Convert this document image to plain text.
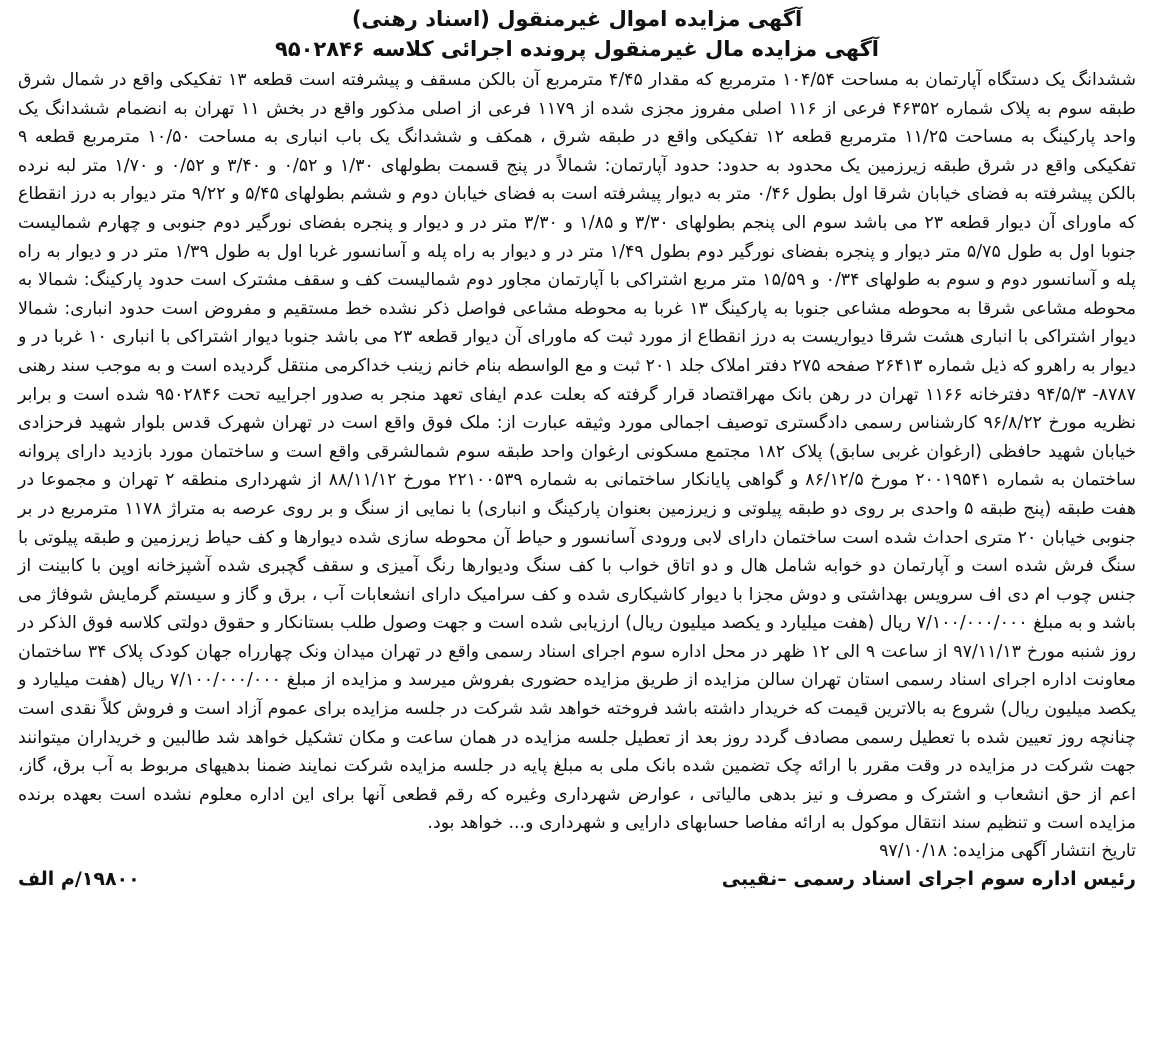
آگهی مزایده اموال غیرمنقول (اسناد رهنی)
آگهی مزایده مال غیرمنقول پرونده اجرائی کلاسه ۹۵۰۲۸۴۶

ششدانگ یک دستگاه آپارتمان به مساحت ۱۰۴/۵۴ مترمربع که مقدار ۴/۴۵ مترمربع آن بالکن مسقف و پیشرفته است قطعه ۱۳ تفکیکی واقع در شمال شرق طبقه سوم به پلاک شماره ۴۶۳۵۲ فرعی از ۱۱۶ اصلی مفروز مجزی شده از ۱۱۷۹ فرعی از اصلی مذکور واقع در بخش ۱۱ تهران به انضمام ششدانگ یک واحد پارکینگ به مساحت ۱۱/۲۵ مترمربع قطعه ۱۲ تفکیکی واقع در طبقه شرق ، همکف و ششدانگ یک باب انباری به مساحت ۱۰/۵۰ مترمربع قطعه ۹ تفکیکی واقع در شرق طبقه زیرزمین یک محدود به حدود: حدود آپارتمان: شمالاً در پنج قسمت بطولهای ۱/۳۰ و ۰/۵۲ و ۳/۴۰ و ۰/۵۲ و ۱/۷۰ متر لبه نرده بالکن پیشرفته به فضای خیابان شرقا اول بطول ۰/۴۶ متر به دیوار پیشرفته است به فضای خیابان دوم و ششم بطولهای ۵/۴۵ و ۹/۲۲ متر دیوار به درز انقطاع که ماورای آن دیوار قطعه ۲۳ می باشد سوم الی پنجم بطولهای ۳/۳۰ و ۱/۸۵ و ۳/۳۰ متر در و دیوار و پنجره بفضای نورگیر دوم جنوبی و چهارم شمالیست جنوبا اول به طول ۵/۷۵ متر دیوار و پنجره بفضای نورگیر دوم بطول ۱/۴۹ متر در و دیوار به راه پله و آسانسور غربا اول به طول ۱/۳۹ متر در و دیوار به راه پله و آسانسور دوم و سوم به طولهای ۰/۳۴ و ۱۵/۵۹ متر مربع اشتراکی با آپارتمان مجاور دوم شمالیست کف و سقف مشترک است حدود پارکینگ: شمالا به محوطه مشاعی شرقا به محوطه مشاعی جنوبا به پارکینگ ۱۳ غربا به محوطه مشاعی فواصل ذکر نشده خط مستقیم و مفروض است حدود انباری: شمالا دیوار اشتراکی با انباری هشت شرقا دیواریست به درز انقطاع از مورد ثبت که ماورای آن دیوار قطعه ۲۳ می باشد جنوبا دیوار اشتراکی با انباری ۱۰ غربا در و دیوار به راهرو که ذیل شماره ۲۶۴۱۳ صفحه ۲۷۵ دفتر املاک جلد ۲۰۱ ثبت و مع الواسطه بنام خانم زینب خداکرمی منتقل گردیده است و به موجب سند رهنی ۸۷۸۷- ۹۴/۵/۳ دفترخانه ۱۱۶۶ تهران در رهن بانک مهراقتصاد قرار گرفته که بعلت عدم ایفای تعهد منجر به صدور اجراییه تحت ۹۵۰۲۸۴۶ شده است و برابر نظریه مورخ ۹۶/۸/۲۲ کارشناس رسمی دادگستری توصیف اجمالی مورد وثیقه عبارت از: ملک فوق واقع است در تهران شهرک قدس بلوار شهید فرحزادی خیابان شهید حافظی (ارغوان غربی سابق) پلاک ۱۸۲ مجتمع مسکونی ارغوان واحد طبقه سوم شمالشرقی واقع است و ساختمان مورد بازدید دارای پروانه ساختمان به شماره ۲۰۰۱۹۵۴۱ مورخ ۸۶/۱۲/۵ و گواهی پایانکار ساختمانی به شماره ۲۲۱۰۰۵۳۹ مورخ ۸۸/۱۱/۱۲ از شهرداری منطقه ۲ تهران و مجموعا در هفت طبقه (پنج طبقه ۵ واحدی بر روی دو طبقه پیلوتی و زیرزمین بعنوان پارکینگ و انباری) با نمایی از سنگ و بر روی عرصه به متراژ ۱۱۷۸ مترمربع در بر جنوبی خیابان ۲۰ متری احداث شده است ساختمان دارای لابی ورودی آسانسور و حیاط آن محوطه سازی شده دیوارها و کف حیاط زیرزمین و طبقه پیلوتی با سنگ فرش شده است و آپارتمان دو خوابه شامل هال و دو اتاق خواب با کف سنگ ودیوارها رنگ آمیزی و سقف گچبری شده آشپزخانه اوپن با کابینت از جنس چوب ام دی اف سرویس بهداشتی و دوش مجزا با دیوار کاشیکاری شده و کف سرامیک دارای انشعابات آب ، برق و گاز و سیستم گرمایش شوفاژ می باشد و به مبلغ ۷/۱۰۰/۰۰۰/۰۰۰ ریال (هفت میلیارد و یکصد میلیون ریال) ارزیابی شده است و جهت وصول طلب بستانکار و حقوق دولتی کلاسه فوق الذکر در روز شنبه مورخ ۹۷/۱۱/۱۳ از ساعت ۹ الی ۱۲ ظهر در محل اداره سوم اجرای اسناد رسمی واقع در تهران میدان ونک چهارراه جهان کودک پلاک ۳۴ ساختمان معاونت اداره اجرای اسناد رسمی استان تهران سالن مزایده از طریق مزایده حضوری بفروش میرسد و مزایده از مبلغ ۷/۱۰۰/۰۰۰/۰۰۰ ریال (هفت میلیارد و یکصد میلیون ریال) شروع به بالاترین قیمت که خریدار داشته باشد فروخته خواهد شد شرکت در جلسه مزایده برای عموم آزاد است و فروش کلاً نقدی است چنانچه روز تعیین شده با تعطیل رسمی مصادف گردد روز بعد از تعطیل جلسه مزایده در همان ساعت و مکان تشکیل خواهد شد طالبین و خریداران میتوانند جهت شرکت در مزایده در وقت مقرر با ارائه چک تضمین شده بانک ملی به مبلغ پایه در جلسه مزایده شرکت نمایند ضمنا بدهیهای مربوط به آب برق، گاز، اعم از حق انشعاب و اشترک و مصرف و نیز بدهی مالیاتی ، عوارض شهرداری وغیره که رقم قطعی آنها برای این اداره معلوم نشده است بعهده برنده مزایده است و تنظیم سند انتقال موکول به ارائه مفاصا حسابهای دارایی و شهرداری و... خواهد بود.

تاریخ انتشار آگهی مزایده: ۹۷/۱۰/۱۸

رئیس اداره سوم اجرای اسناد رسمی –نقیبی
۱۹۸۰۰/م الف
